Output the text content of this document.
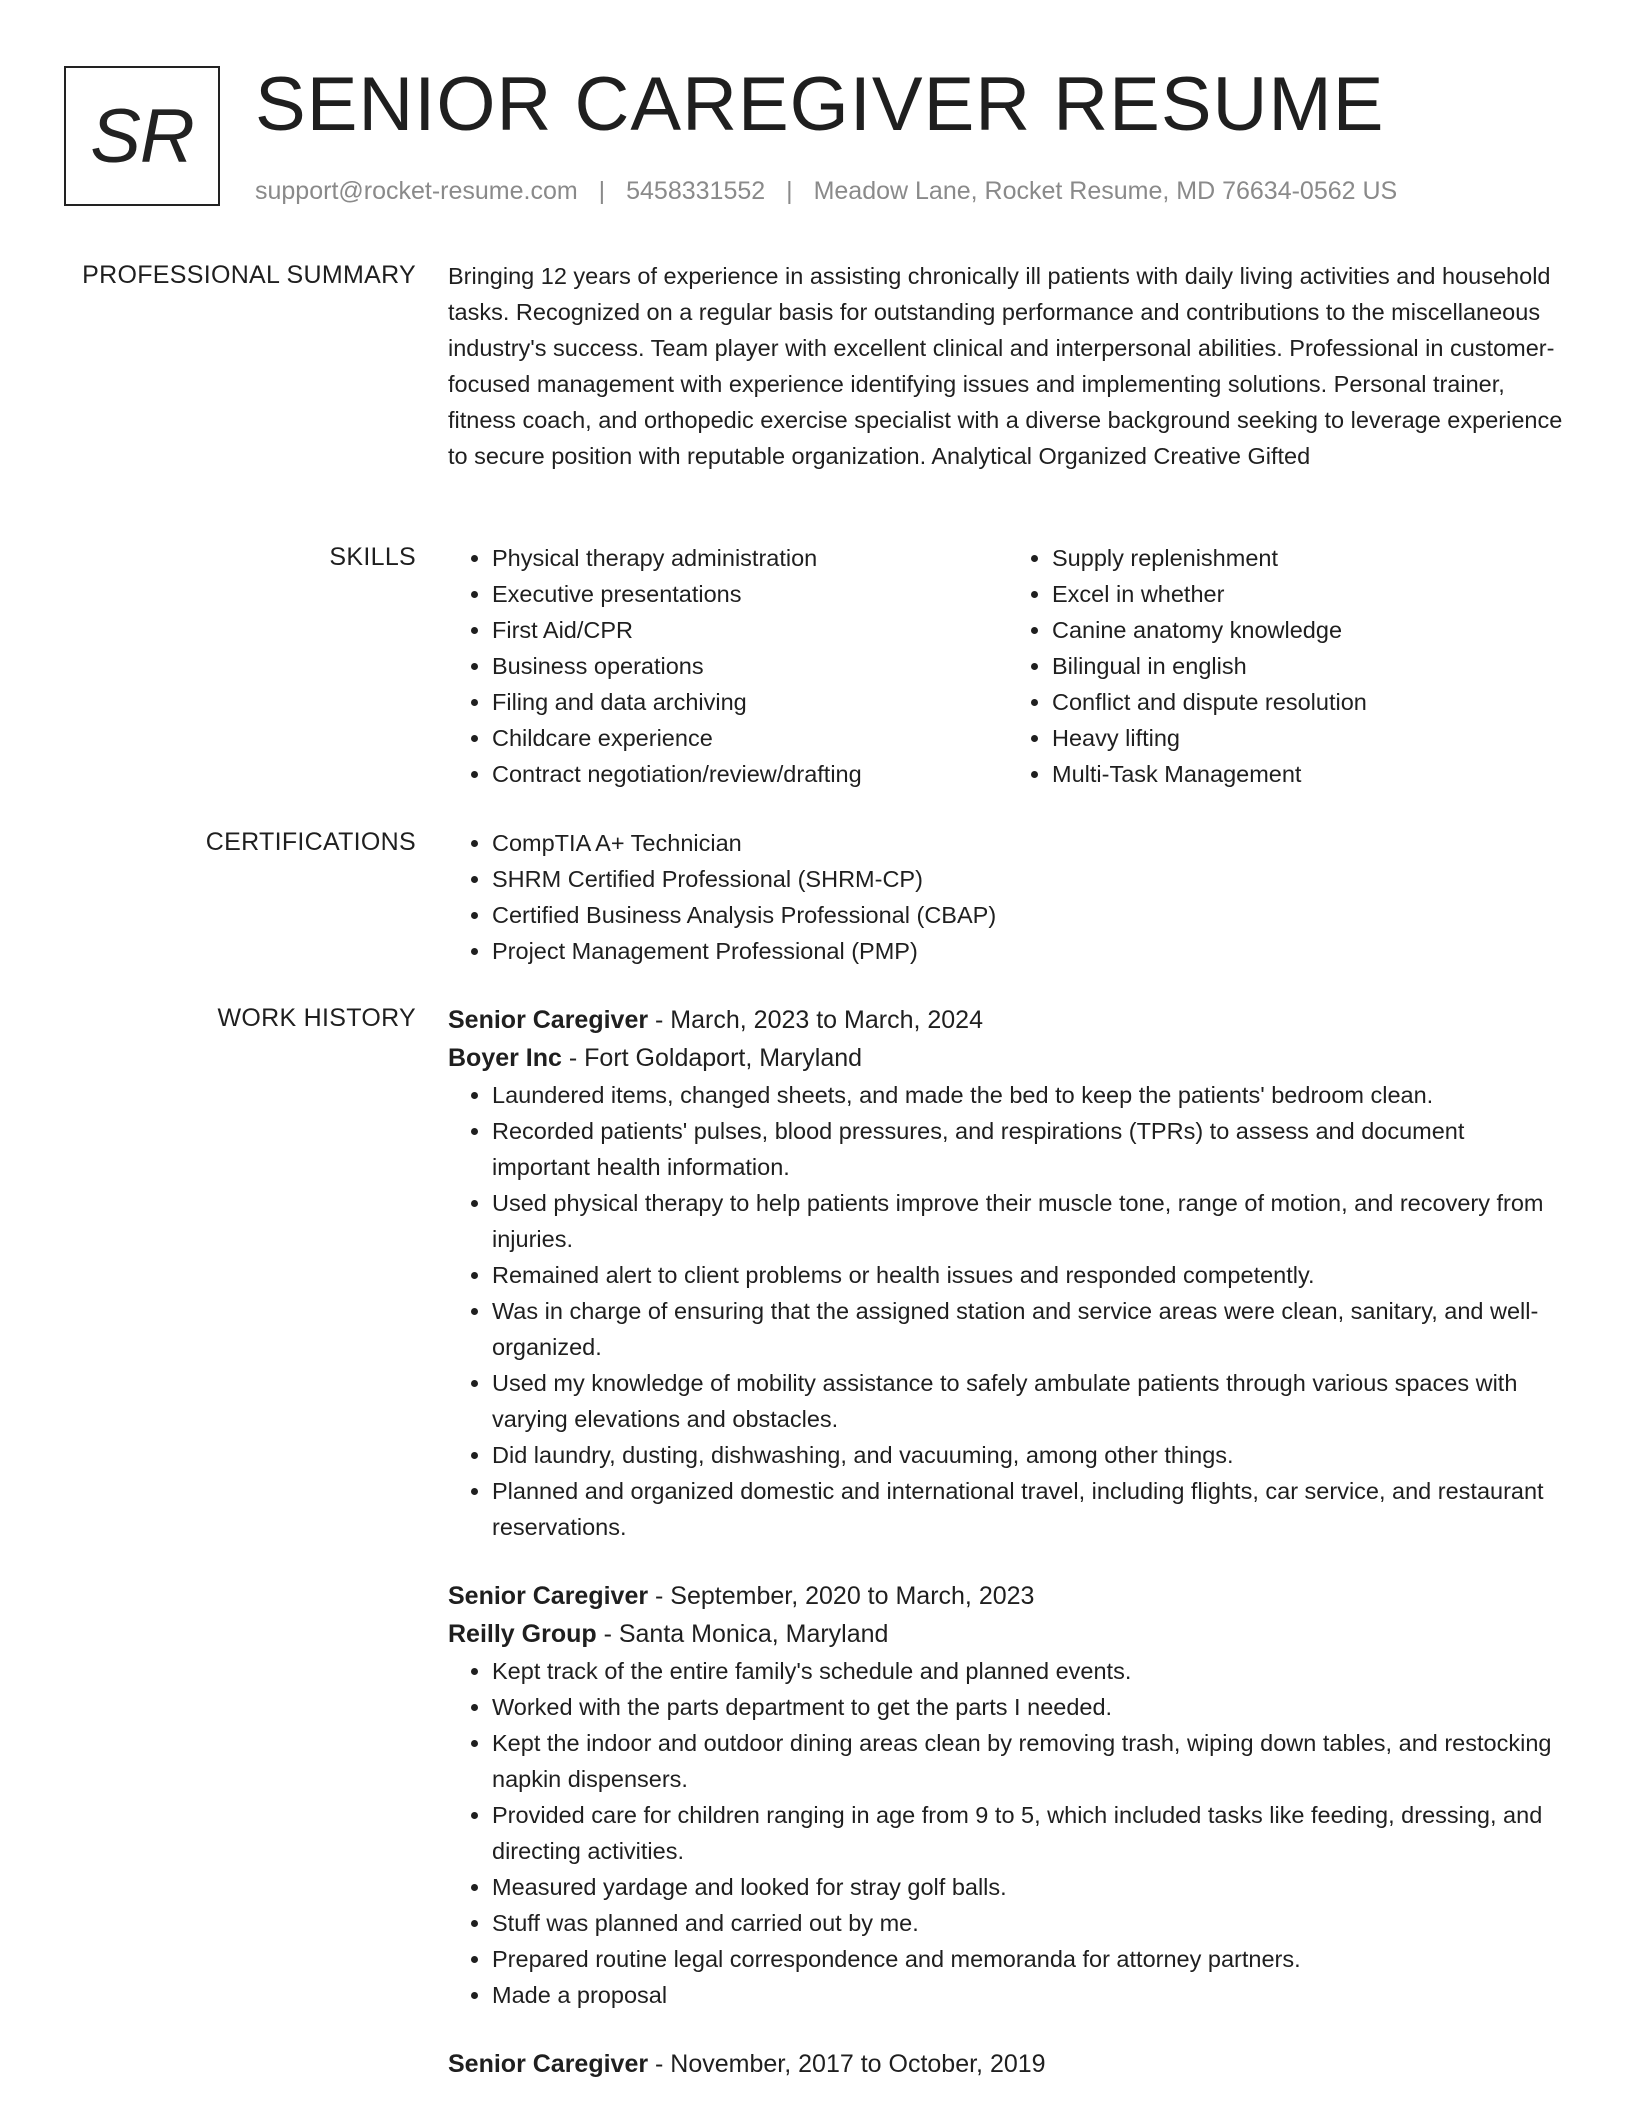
SR SENIOR CAREGIVER RESUME
support@rocket-resume.com | 5458331552 | Meadow Lane, Rocket Resume, MD 76634-0562 US
PROFESSIONAL SUMMARY Bringing 12 years of experience in assisting chronically ill patients with daily living activities and household tasks. Recognized on a regular basis for outstanding performance and contributions to the miscellaneous industry's success. Team player with excellent clinical and interpersonal abilities. Professional in customer-focused management with experience identifying issues and implementing solutions. Personal trainer, fitness coach, and orthopedic exercise specialist with a diverse background seeking to leverage experience to secure position with reputable organization. Analytical Organized Creative Gifted

SKILLS	• Physical therapy administration
• Executive presentations
• First Aid/CPR
• Business operations
• Filing and data archiving
• Childcare experience
• Contract negotiation/review/drafting
• Supply replenishment
• Excel in whether
• Canine anatomy knowledge
• Bilingual in english
• Conflict and dispute resolution
• Heavy lifting
• Multi-Task Management
CERTIFICATIONS	• CompTIA A+ Technician
• SHRM Certified Professional (SHRM-CP)
• Certified Business Analysis Professional (CBAP)
• Project Management Professional (PMP)
WORK HISTORY Senior Caregiver - March, 2023 to March, 2024
Boyer Inc - Fort Goldaport, Maryland
• Laundered items, changed sheets, and made the bed to keep the patients' bedroom clean.
• Recorded patients' pulses, blood pressures, and respirations (TPRs) to assess and document important health information.
• Used physical therapy to help patients improve their muscle tone, range of motion, and recovery from injuries.
• Remained alert to client problems or health issues and responded competently.
• Was in charge of ensuring that the assigned station and service areas were clean, sanitary, and well-organized.
• Used my knowledge of mobility assistance to safely ambulate patients through various spaces with varying elevations and obstacles.
• Did laundry, dusting, dishwashing, and vacuuming, among other things.
• Planned and organized domestic and international travel, including flights, car service, and restaurant reservations.
Senior Caregiver - September, 2020 to March, 2023
Reilly Group - Santa Monica, Maryland
• Kept track of the entire family's schedule and planned events.
• Worked with the parts department to get the parts I needed.
• Kept the indoor and outdoor dining areas clean by removing trash, wiping down tables, and restocking napkin dispensers.
• Provided care for children ranging in age from 9 to 5, which included tasks like feeding, dressing, and directing activities.
• Measured yardage and looked for stray golf balls.
• Stuff was planned and carried out by me.
• Prepared routine legal correspondence and memoranda for attorney partners.
• Made a proposal
Senior Caregiver - November, 2017 to October, 2019
